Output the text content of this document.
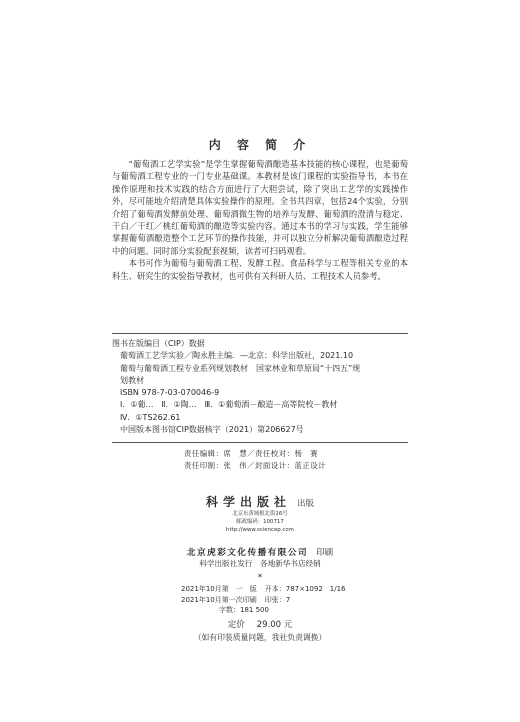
内 容 简 介

“葡萄酒工艺学实验”是学生掌握葡萄酒酿造基本技能的核心课程，也是葡萄与葡萄酒工程专业的一门专业基础课。本教材是该门课程的实验指导书，本书在操作原理和技术实践的结合方面进行了大胆尝试，除了突出工艺学的实践操作外，尽可能地介绍清楚具体实验操作的原理。全书共四章，包括24个实验，分别介绍了葡萄酒发酵前处理、葡萄酒微生物的培养与发酵、葡萄酒的澄清与稳定、干白／干红／桃红葡萄酒的酿造等实验内容。通过本书的学习与实践，学生能够掌握葡萄酒酿造整个工艺环节的操作技能，并可以独立分析解决葡萄酒酿造过程中的问题。同时部分实验配套视频，读者可扫码观看。

本书可作为葡萄与葡萄酒工程、发酵工程、食品科学与工程等相关专业的本科生、研究生的实验指导教材，也可供有关科研人员、工程技术人员参考。

图书在版编目（CIP）数据
葡萄酒工艺学实验／陶永胜主编．—北京：科学出版社，2021.10
葡萄与葡萄酒工程专业系列规划教材　国家林业和草原局“十四五”规
划教材
ISBN 978-7-03-070046-9
Ⅰ．①葡…　Ⅱ．①陶…　Ⅲ．①葡萄酒－酿造－高等院校－教材
Ⅳ．①TS262.61
中国版本图书馆CIP数据核字（2021）第206627号
责任编辑：席　慧／责任校对：杨　赛
责任印制：张　伟／封面设计：蓝正设计
科学出版社 出版
北京东黄城根北街16号
邮政编码：100717
http://www.sciencep.com
北京虎彩文化传播有限公司 印刷
科学出版社发行　各地新华书店经销
*
2021年10月第　一　版 开本：787×1092　1/16
2021年10月第一次印刷 印张：7
字数：181 500
定价 29.00 元
（如有印装质量问题，我社负责调换）
